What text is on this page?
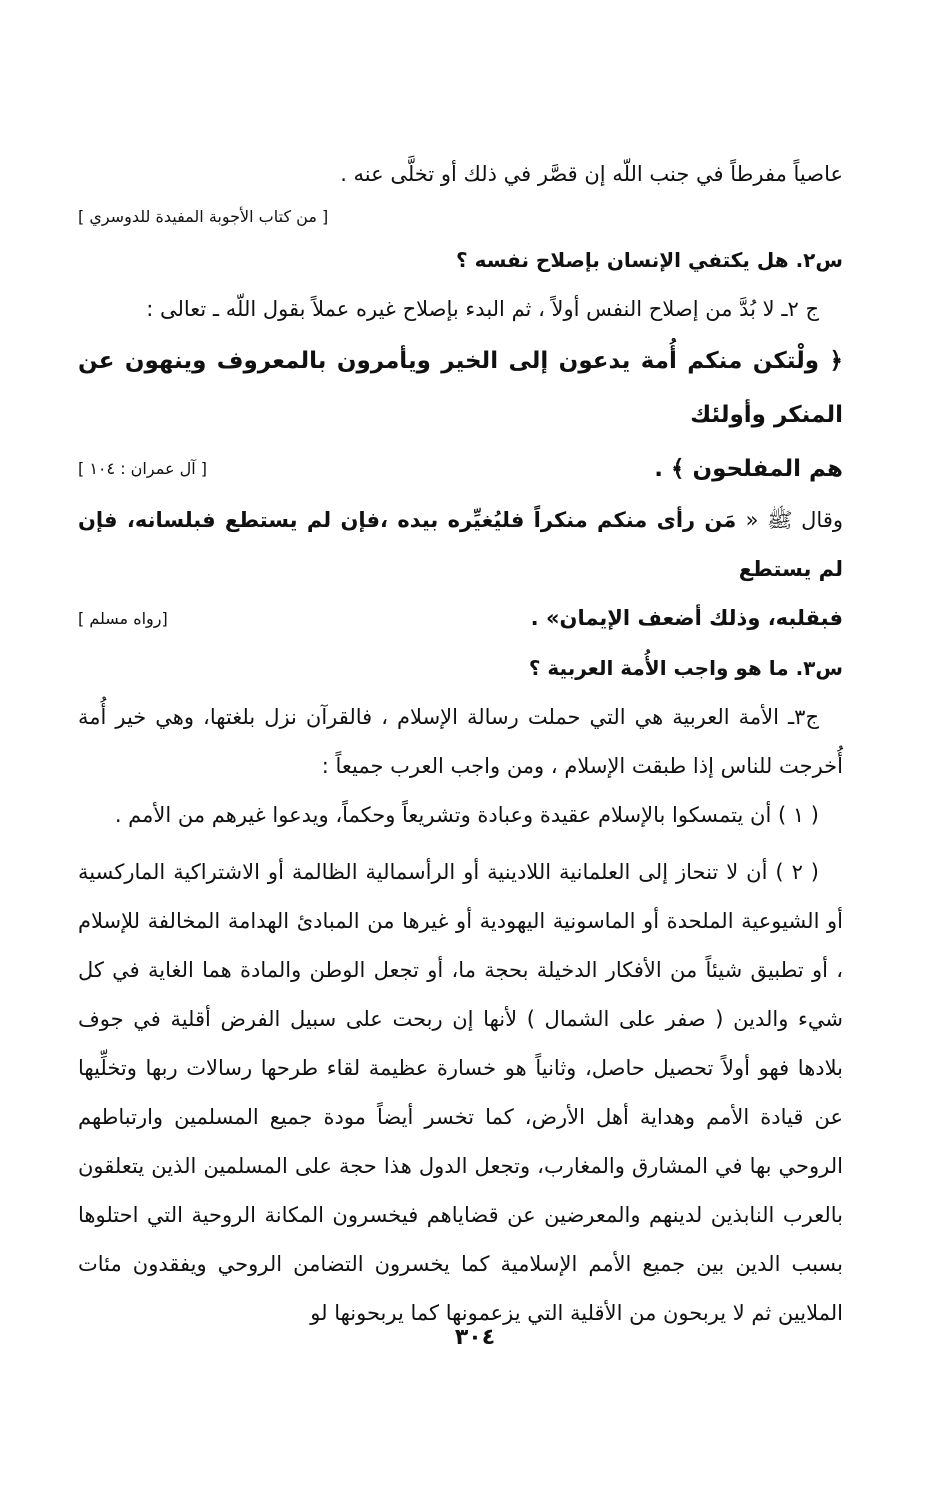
عاصياً مفرطاً في جنب اللّه إن قصَّر في ذلك أو تخلَّى عنه .

[ من كتاب الأجوبة المفيدة للدوسري ]

س٢. هل يكتفي الإنسان بإصلاح نفسه ؟

ج ٢ـ لا بُدَّ من إصلاح النفس أولاً ، ثم البدء بإصلاح غيره عملاً بقول اللّه ـ تعالى :

﴿ ولْتكن منكم أُمة يدعون إلى الخير ويأمرون بالمعروف وينهون عن المنكر وأولئك

هم المفلحون ﴾ .
[ آل عمران : ١٠٤ ]

وقال ﷺ « مَن رأى منكم منكراً فليُغيِّره بيده ،فإن لم يستطع فبلسانه، فإن لم يستطع

فبقلبه، وذلك أضعف الإيمان» .
[رواه مسلم ]

س٣. ما هو واجب الأُمة العربية ؟

ج٣ـ الأمة العربية هي التي حملت رسالة الإسلام ، فالقرآن نزل بلغتها، وهي خير أُمة أُخرجت للناس إذا طبقت الإسلام ، ومن واجب العرب جميعاً :

( ١ ) أن يتمسكوا بالإسلام عقيدة وعبادة وتشريعاً وحكماً، ويدعوا غيرهم من الأمم .

( ٢ ) أن لا تنحاز إلى العلمانية اللادينية أو الرأسمالية الظالمة أو الاشتراكية الماركسية أو الشيوعية الملحدة أو الماسونية اليهودية أو غيرها من المبادئ الهدامة المخالفة للإسلام ، أو تطبيق شيئاً من الأفكار الدخيلة بحجة ما، أو تجعل الوطن والمادة هما الغاية في كل شيء والدين ( صفر على الشمال ) لأنها إن ربحت على سبيل الفرض أقلية في جوف بلادها فهو أولاً تحصيل حاصل، وثانياً هو خسارة عظيمة لقاء طرحها رسالات ربها وتخلِّيها عن قيادة الأمم وهداية أهل الأرض، كما تخسر أيضاً مودة جميع المسلمين وارتباطهم الروحي بها في المشارق والمغارب، وتجعل الدول هذا حجة على المسلمين الذين يتعلقون بالعرب النابذين لدينهم والمعرضين عن قضاياهم فيخسرون المكانة الروحية التي احتلوها بسبب الدين بين جميع الأمم الإسلامية كما يخسرون التضامن الروحي ويفقدون مئات الملايين ثم لا يربحون من الأقلية التي يزعمونها كما يربحونها لو

٣٠٤
